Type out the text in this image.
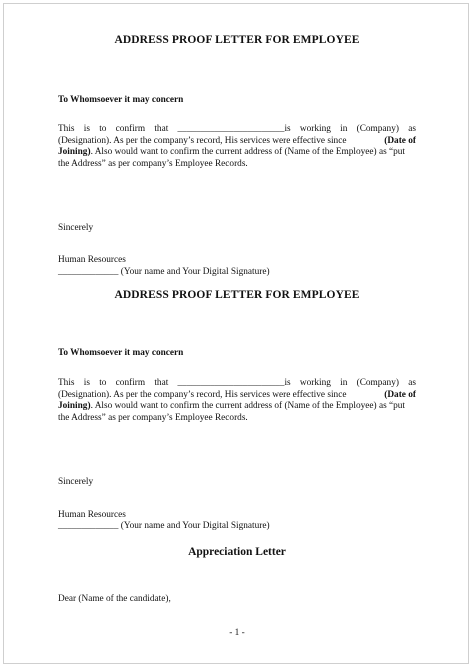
ADDRESS PROOF LETTER FOR EMPLOYEE

To Whomsoever it may concern

This is to confirm that _______________________is working in (Company) as
(Designation). As per the company’s record, His services were effective since	(Date of
Joining) . Also would want to confirm the current address of (Name of the Employee) as “put
the Address” as per company’s Employee Records.

Sincerely

Human Resources

_____________ (Your name and Your Digital Signature)

ADDRESS PROOF LETTER FOR EMPLOYEE

To Whomsoever it may concern

This is to confirm that _______________________is working in (Company) as
(Designation). As per the company’s record, His services were effective since	(Date of
Joining) . Also would want to confirm the current address of (Name of the Employee) as “put
the Address” as per company’s Employee Records.

Sincerely

Human Resources

_____________ (Your name and Your Digital Signature)

Appreciation Letter

Dear (Name of the candidate),

- 1 -
